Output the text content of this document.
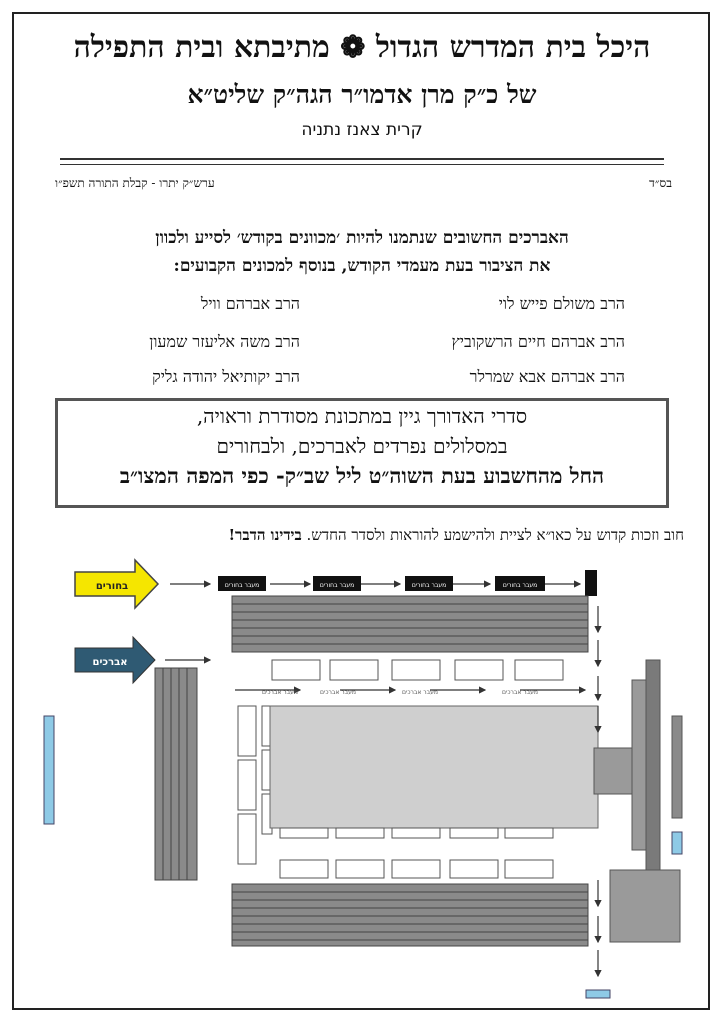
היכל בית המדרש הגדול ❁ מתיבתא ובית התפילה
של כ״ק מרן אדמו״ר הגה״ק שליט״א
קרית צאנז נתניה
ערש״ק יתרו - קבלת התורה תשפ״ו	בס״ד
האברכים החשובים שנתמנו להיות ׳מכוונים בקודש׳ לסייע ולכוון
את הציבור בעת מעמדי הקודש, בנוסף למכונים הקבועים:
הרב משולם פייש לוי
הרב אברהם וויל
הרב אברהם חיים הרשקוביץ
הרב משה אליעזר שמעון
הרב אברהם אבא שמרלר
הרב יקותיאל יהודה גליק
סדרי האדורך גיין במתכונת מסודרת וראויה,
במסלולים נפרדים לאברכים, ולבחורים
החל מהחשבוע בעת השוה״ט ליל שב״ק- כפי המפה המצו״ב
חוב וזכות קדוש על כאו״א לציית ולהישמע להוראות ולסדר החדש. בידינו הדבר!
בחורים
אברכים
מעבר בחורים	מעבר בחורים	מעבר בחורים	מעבר בחורים
מעבר אברכים	מעבר אברכים	מעבר אברכים	מעבר אברכים
